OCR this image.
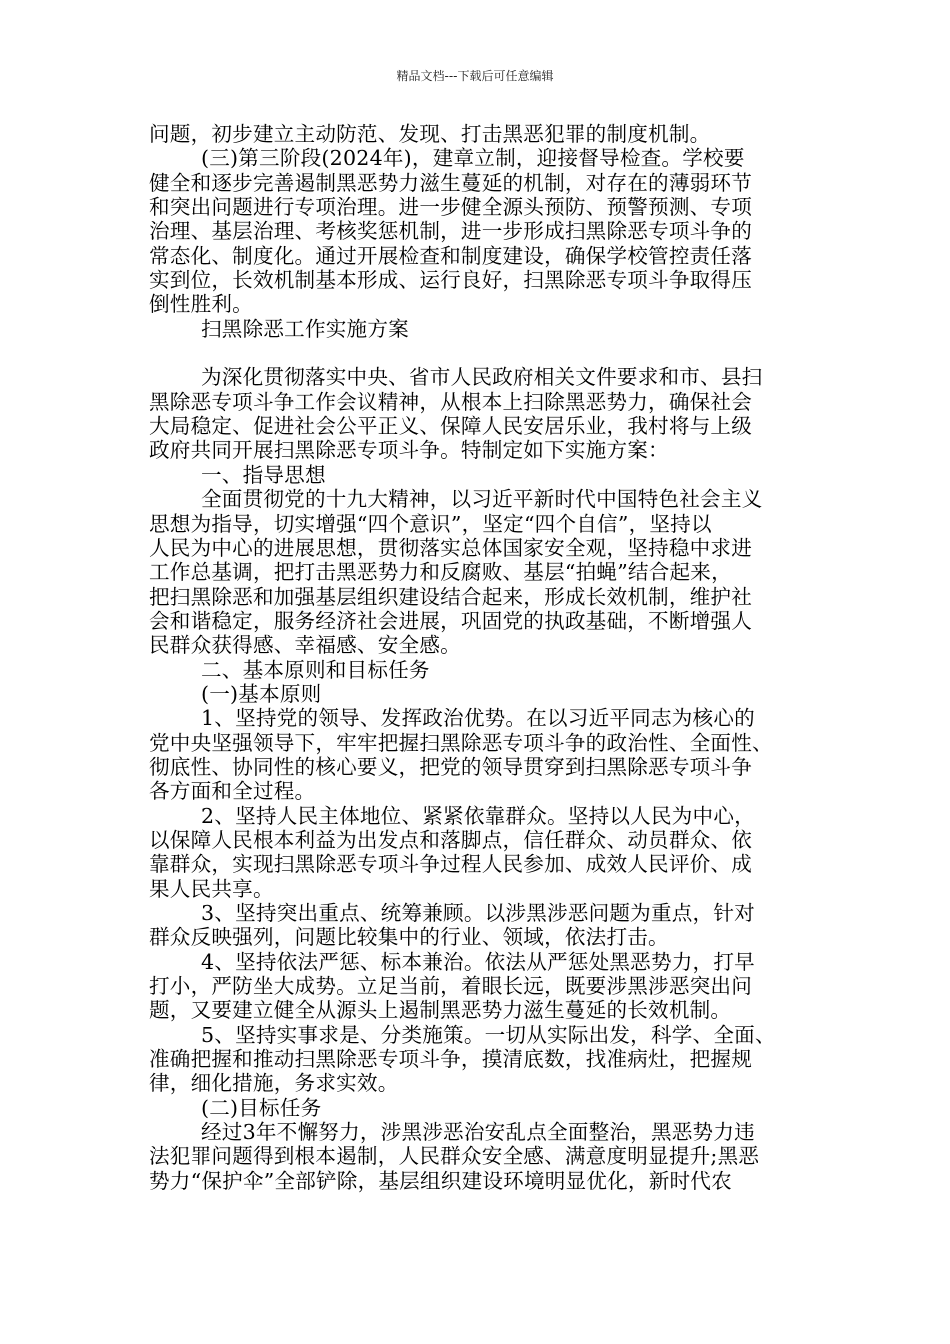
精品文档---下载后可任意编辑
问题，初步建立主动防范、发现、打击黑恶犯罪的制度机制。
(三)第三阶段(2024年)，建章立制，迎接督导检查。学校要
健全和逐步完善遏制黑恶势力滋生蔓延的机制，对存在的薄弱环节
和突出问题进行专项治理。进一步健全源头预防、预警预测、专项
治理、基层治理、考核奖惩机制，进一步形成扫黑除恶专项斗争的
常态化、制度化。通过开展检查和制度建设，确保学校管控责任落
实到位，长效机制基本形成、运行良好，扫黑除恶专项斗争取得压
倒性胜利。
扫黑除恶工作实施方案
为深化贯彻落实中央、省市人民政府相关文件要求和市、县扫
黑除恶专项斗争工作会议精神，从根本上扫除黑恶势力，确保社会
大局稳定、促进社会公平正义、保障人民安居乐业，我村将与上级
政府共同开展扫黑除恶专项斗争。特制定如下实施方案：
一、指导思想
全面贯彻党的十九大精神，以习近平新时代中国特色社会主义
思想为指导，切实增强“四个意识”，坚定“四个自信”，坚持以
人民为中心的进展思想，贯彻落实总体国家安全观，坚持稳中求进
工作总基调，把打击黑恶势力和反腐败、基层“拍蝇”结合起来，
把扫黑除恶和加强基层组织建设结合起来，形成长效机制，维护社
会和谐稳定，服务经济社会进展，巩固党的执政基础，不断增强人
民群众获得感、幸福感、安全感。
二、基本原则和目标任务
(一)基本原则
1、坚持党的领导、发挥政治优势。在以习近平同志为核心的
党中央坚强领导下，牢牢把握扫黑除恶专项斗争的政治性、全面性、
彻底性、协同性的核心要义，把党的领导贯穿到扫黑除恶专项斗争
各方面和全过程。
2、坚持人民主体地位、紧紧依靠群众。坚持以人民为中心，
以保障人民根本利益为出发点和落脚点，信任群众、动员群众、依
靠群众，实现扫黑除恶专项斗争过程人民参加、成效人民评价、成
果人民共享。
3、坚持突出重点、统筹兼顾。以涉黑涉恶问题为重点，针对
群众反映强列，问题比较集中的行业、领域，依法打击。
4、坚持依法严惩、标本兼治。依法从严惩处黑恶势力，打早
打小，严防坐大成势。立足当前，着眼长远，既要涉黑涉恶突出问
题，又要建立健全从源头上遏制黑恶势力滋生蔓延的长效机制。
5、坚持实事求是、分类施策。一切从实际出发，科学、全面、
准确把握和推动扫黑除恶专项斗争，摸清底数，找准病灶，把握规
律，细化措施，务求实效。
(二)目标任务
经过3年不懈努力，涉黑涉恶治安乱点全面整治，黑恶势力违
法犯罪问题得到根本遏制，人民群众安全感、满意度明显提升;黑恶
势力“保护伞”全部铲除，基层组织建设环境明显优化，新时代农
